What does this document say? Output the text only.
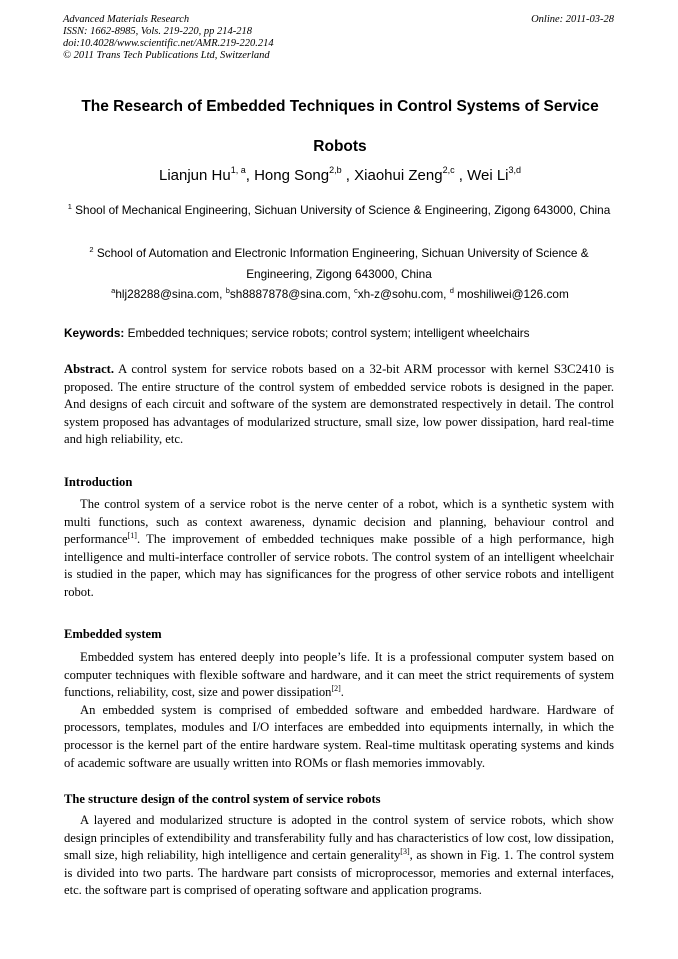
Advanced Materials Research
ISSN: 1662-8985, Vols. 219-220, pp 214-218
doi:10.4028/www.scientific.net/AMR.219-220.214
© 2011 Trans Tech Publications Ltd, Switzerland
Online: 2011-03-28
The Research of Embedded Techniques in Control Systems of Service Robots
Lianjun Hu$^{1, a}$, Hong Song$^{2,b}$ , Xiaohui Zeng$^{2,c}$ , Wei Li$^{3,d}$
$^1$ Shool of Mechanical Engineering, Sichuan University of Science & Engineering, Zigong 643000, China
$^2$ School of Automation and Electronic Information Engineering, Sichuan University of Science & Engineering, Zigong 643000, China
$^a$hlj28288@sina.com, $^b$sh8887878@sina.com, $^c$xh-z@sohu.com, $^d$ moshiliwei@126.com
Keywords: Embedded techniques; service robots; control system; intelligent wheelchairs
Abstract. A control system for service robots based on a 32-bit ARM processor with kernel S3C2410 is proposed. The entire structure of the control system of embedded service robots is designed in the paper. And designs of each circuit and software of the system are demonstrated respectively in detail. The control system proposed has advantages of modularized structure, small size, low power dissipation, hard real-time and high reliability, etc.
Introduction

The control system of a service robot is the nerve center of a robot, which is a synthetic system with multi functions, such as context awareness, dynamic decision and planning, behaviour control and performance[1]. The improvement of embedded techniques make possible of a high performance, high intelligence and multi-interface controller of service robots. The control system of an intelligent wheelchair is studied in the paper, which may has significances for the progress of other service robots and intelligent robot.

Embedded system

Embedded system has entered deeply into people’s life. It is a professional computer system based on computer techniques with flexible software and hardware, and it can meet the strict requirements of system functions, reliability, cost, size and power dissipation[2].

An embedded system is comprised of embedded software and embedded hardware. Hardware of processors, templates, modules and I/O interfaces are embedded into equipments internally, in which the processor is the kernel part of the entire hardware system. Real-time multitask operating systems and kinds of academic software are usually written into ROMs or flash memories immovably.

The structure design of the control system of service robots

A layered and modularized structure is adopted in the control system of service robots, which show design principles of extendibility and transferability fully and has characteristics of low cost, low dissipation, small size, high reliability, high intelligence and certain generality[3], as shown in Fig. 1. The control system is divided into two parts. The hardware part consists of microprocessor, memories and external interfaces, etc. the software part is comprised of operating software and application programs.
